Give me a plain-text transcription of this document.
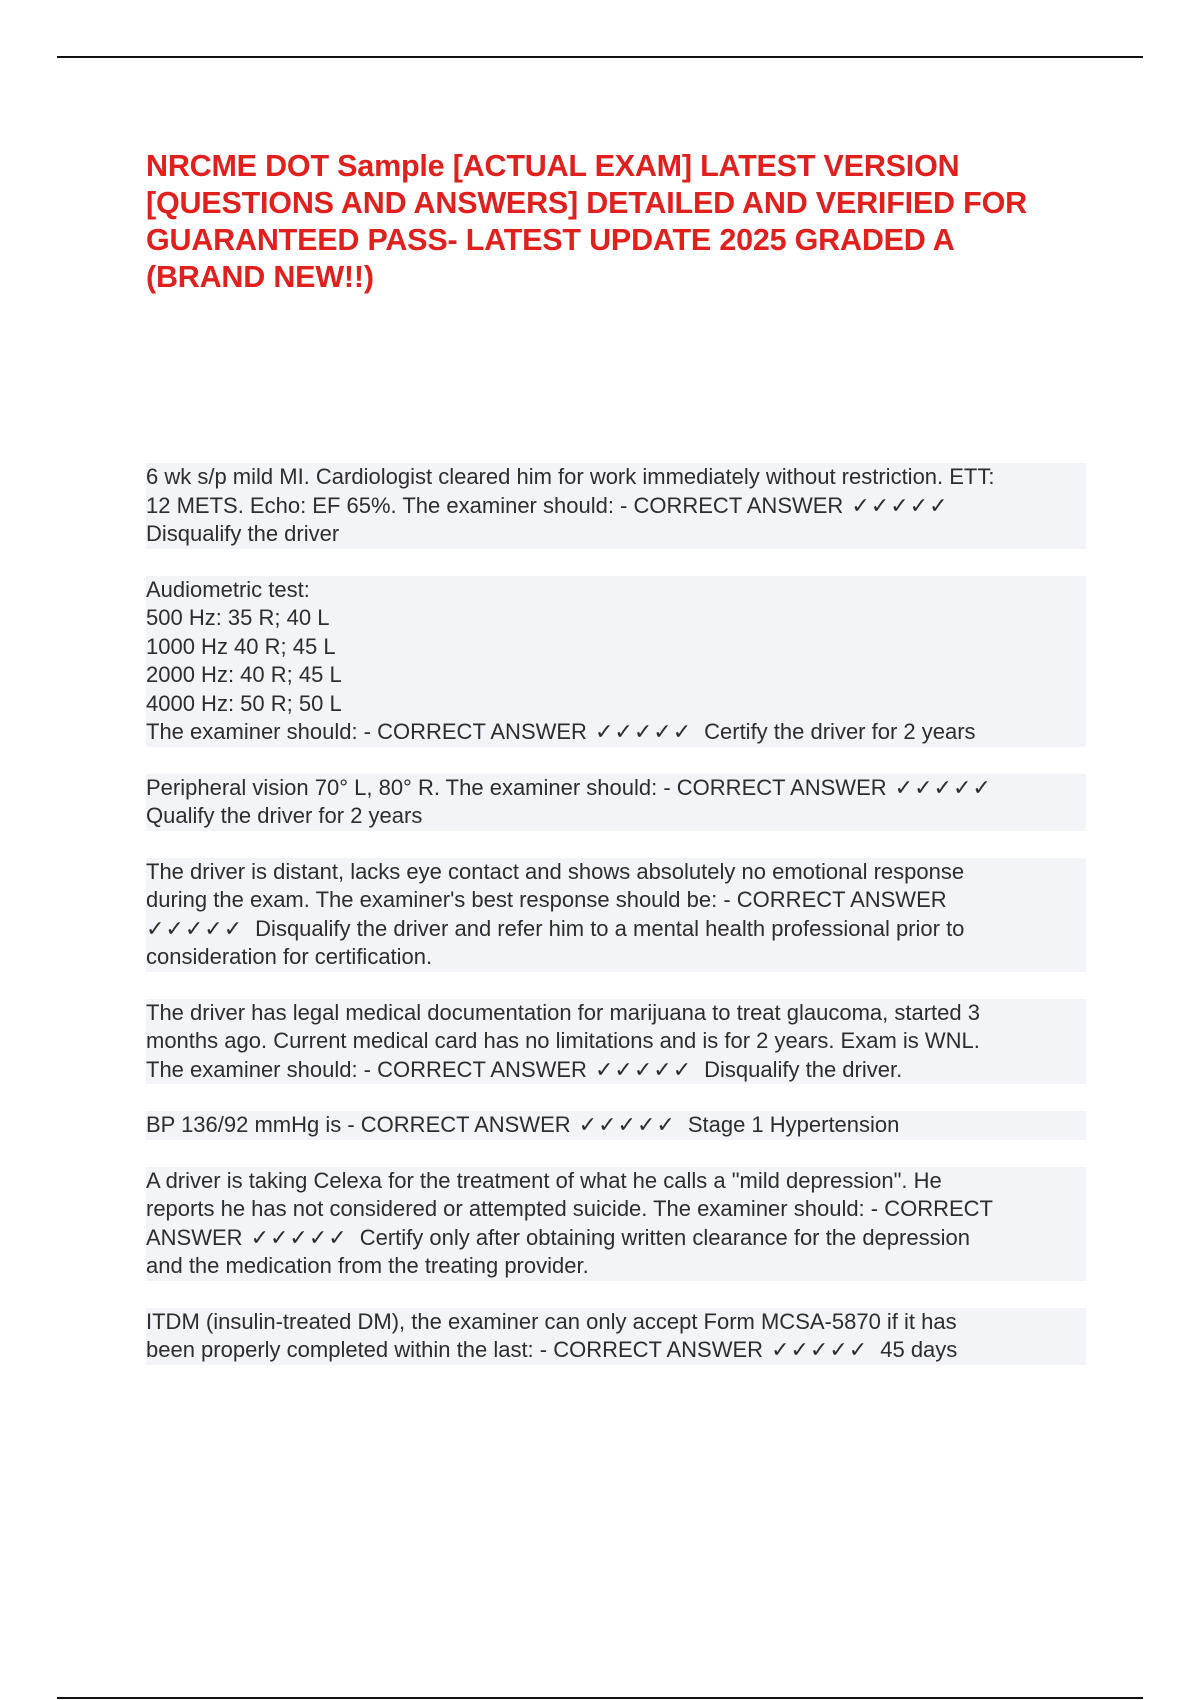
NRCME DOT Sample [ACTUAL EXAM] LATEST VERSION
[QUESTIONS AND ANSWERS] DETAILED AND VERIFIED FOR
GUARANTEED PASS- LATEST UPDATE 2025 GRADED A
(BRAND NEW!!)
6 wk s/p mild MI. Cardiologist cleared him for work immediately without restriction. ETT:
12 METS. Echo: EF 65%. The examiner should: - CORRECT ANSWER ✓✓✓✓✓
Disqualify the driver
Audiometric test:
500 Hz: 35 R; 40 L
1000 Hz 40 R; 45 L
2000 Hz: 40 R; 45 L
4000 Hz: 50 R; 50 L
The examiner should: - CORRECT ANSWER ✓✓✓✓✓ Certify the driver for 2 years
Peripheral vision 70° L, 80° R. The examiner should: - CORRECT ANSWER ✓✓✓✓✓
Qualify the driver for 2 years
The driver is distant, lacks eye contact and shows absolutely no emotional response
during the exam. The examiner's best response should be: - CORRECT ANSWER
✓✓✓✓✓ Disqualify the driver and refer him to a mental health professional prior to
consideration for certification.
The driver has legal medical documentation for marijuana to treat glaucoma, started 3
months ago. Current medical card has no limitations and is for 2 years. Exam is WNL.
The examiner should: - CORRECT ANSWER ✓✓✓✓✓ Disqualify the driver.
BP 136/92 mmHg is - CORRECT ANSWER ✓✓✓✓✓ Stage 1 Hypertension
A driver is taking Celexa for the treatment of what he calls a "mild depression". He
reports he has not considered or attempted suicide. The examiner should: - CORRECT
ANSWER ✓✓✓✓✓ Certify only after obtaining written clearance for the depression
and the medication from the treating provider.
ITDM (insulin-treated DM), the examiner can only accept Form MCSA-5870 if it has
been properly completed within the last: - CORRECT ANSWER ✓✓✓✓✓ 45 days
